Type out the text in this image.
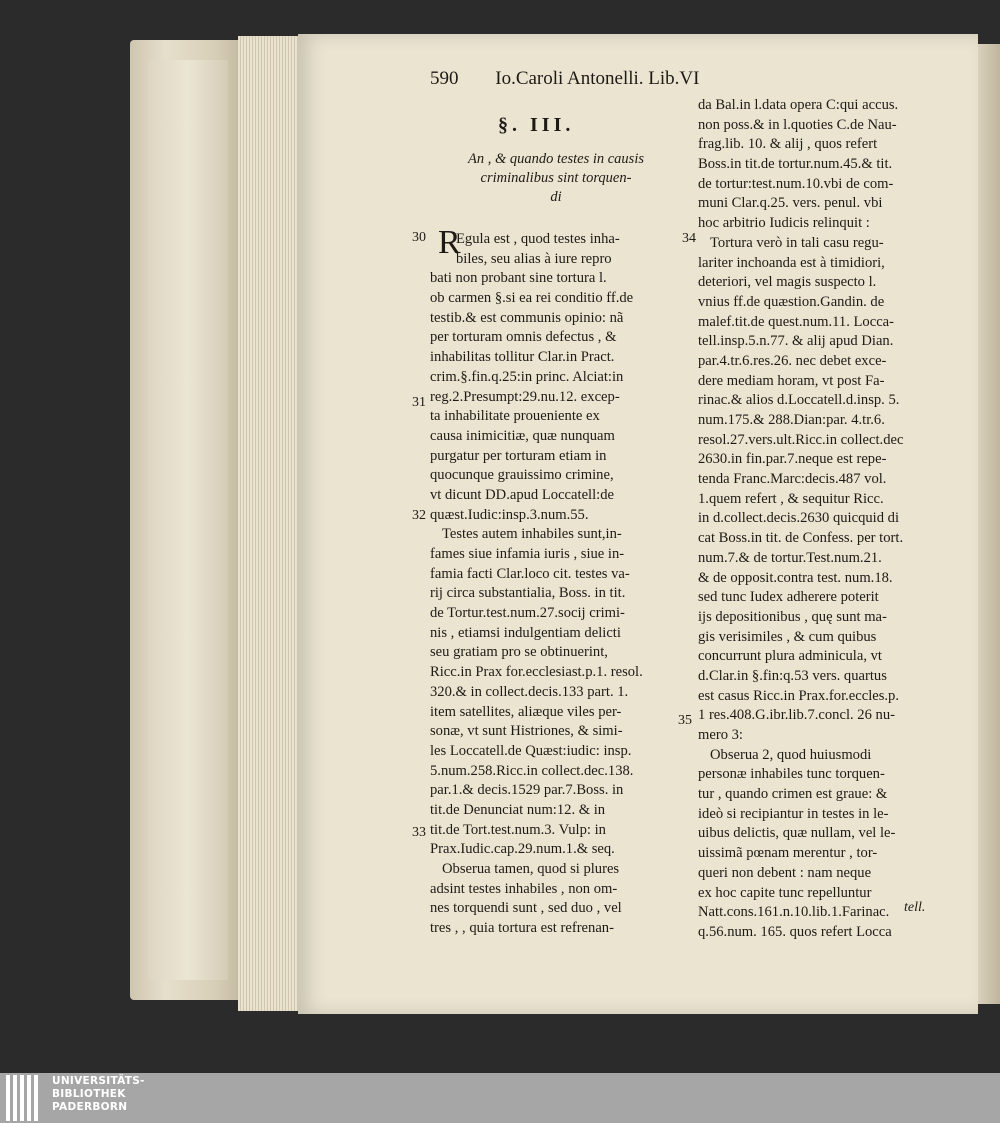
590 Io.Caroli Antonelli. Lib.VI
§. III.
An , & quando testes in causis
criminalibus sint torquen-
di
30
31
32
33
34
35
R
Egula est , quod testes inha-
biles, seu alias à iure repro
bati non probant sine tortura l.
ob carmen §.si ea rei conditio ff.de
testib.& est communis opinio: nã
per torturam omnis defectus , &
inhabilitas tollitur Clar.in Pract.
crim.§.fin.q.25:in princ. Alciat:in
reg.2.Presumpt:29.nu.12. excep-
ta inhabilitate proueniente ex
causa inimicitiæ, quæ nunquam
purgatur per torturam etiam in
quocunque grauissimo crimine,
vt dicunt DD.apud Loccatell:de
quæst.Iudic:insp.3.num.55.
Testes autem inhabiles sunt,in-
fames siue infamia iuris , siue in-
famia facti Clar.loco cit. testes va-
rij circa substantialia, Boss. in tit.
de Tortur.test.num.27.socij crimi-
nis , etiamsi indulgentiam delicti
seu gratiam pro se obtinuerint,
Ricc.in Prax for.ecclesiast.p.1. resol.
320.& in collect.decis.133 part. 1.
item satellites, aliæque viles per-
sonæ, vt sunt Histriones, & simi-
les Loccatell.de Quæst:iudic: insp.
5.num.258.Ricc.in collect.dec.138.
par.1.& decis.1529 par.7.Boss. in
tit.de Denunciat num:12. & in
tit.de Tort.test.num.3. Vulp: in
Prax.Iudic.cap.29.num.1.& seq.
Obserua tamen, quod si plures
adsint testes inhabiles , non om-
nes torquendi sunt , sed duo , vel
tres , , quia tortura est refrenan-
da Bal.in l.data opera C:qui accus.
non poss.& in l.quoties C.de Nau-
frag.lib. 10. & alij , quos refert
Boss.in tit.de tortur.num.45.& tit.
de tortur:test.num.10.vbi de com-
muni Clar.q.25. vers. penul. vbi
hoc arbitrio Iudicis relinquit :
Tortura verò in tali casu regu-
lariter inchoanda est à timidiori,
deteriori, vel magis suspecto l.
vnius ff.de quæstion.Gandin. de
malef.tit.de quest.num.11. Locca-
tell.insp.5.n.77. & alij apud Dian.
par.4.tr.6.res.26. nec debet exce-
dere mediam horam, vt post Fa-
rinac.& alios d.Loccatell.d.insp. 5.
num.175.& 288.Dian:par. 4.tr.6.
resol.27.vers.ult.Ricc.in collect.dec
2630.in fin.par.7.neque est repe-
tenda Franc.Marc:decis.487 vol.
1.quem refert , & sequitur Ricc.
in d.collect.decis.2630 quicquid di
cat Boss.in tit. de Confess. per tort.
num.7.& de tortur.Test.num.21.
& de opposit.contra test. num.18.
sed tunc Iudex adherere poterit
ijs depositionibus , quę sunt ma-
gis verisimiles , & cum quibus
concurrunt plura adminicula, vt
d.Clar.in §.fin:q.53 vers. quartus
est casus Ricc.in Prax.for.eccles.p.
1 res.408.G.ibr.lib.7.concl. 26 nu-
mero 3:
Obserua 2, quod huiusmodi
personæ inhabiles tunc torquen-
tur , quando crimen est graue: &
ideò si recipiantur in testes in le-
uibus delictis, quæ nullam, vel le-
uissimã pœnam merentur , tor-
queri non debent : nam neque
ex hoc capite tunc repelluntur
Natt.cons.161.n.10.lib.1.Farinac.
q.56.num. 165. quos refert Locca
tell.
UNIVERSITÄTS-
BIBLIOTHEK
PADERBORN
